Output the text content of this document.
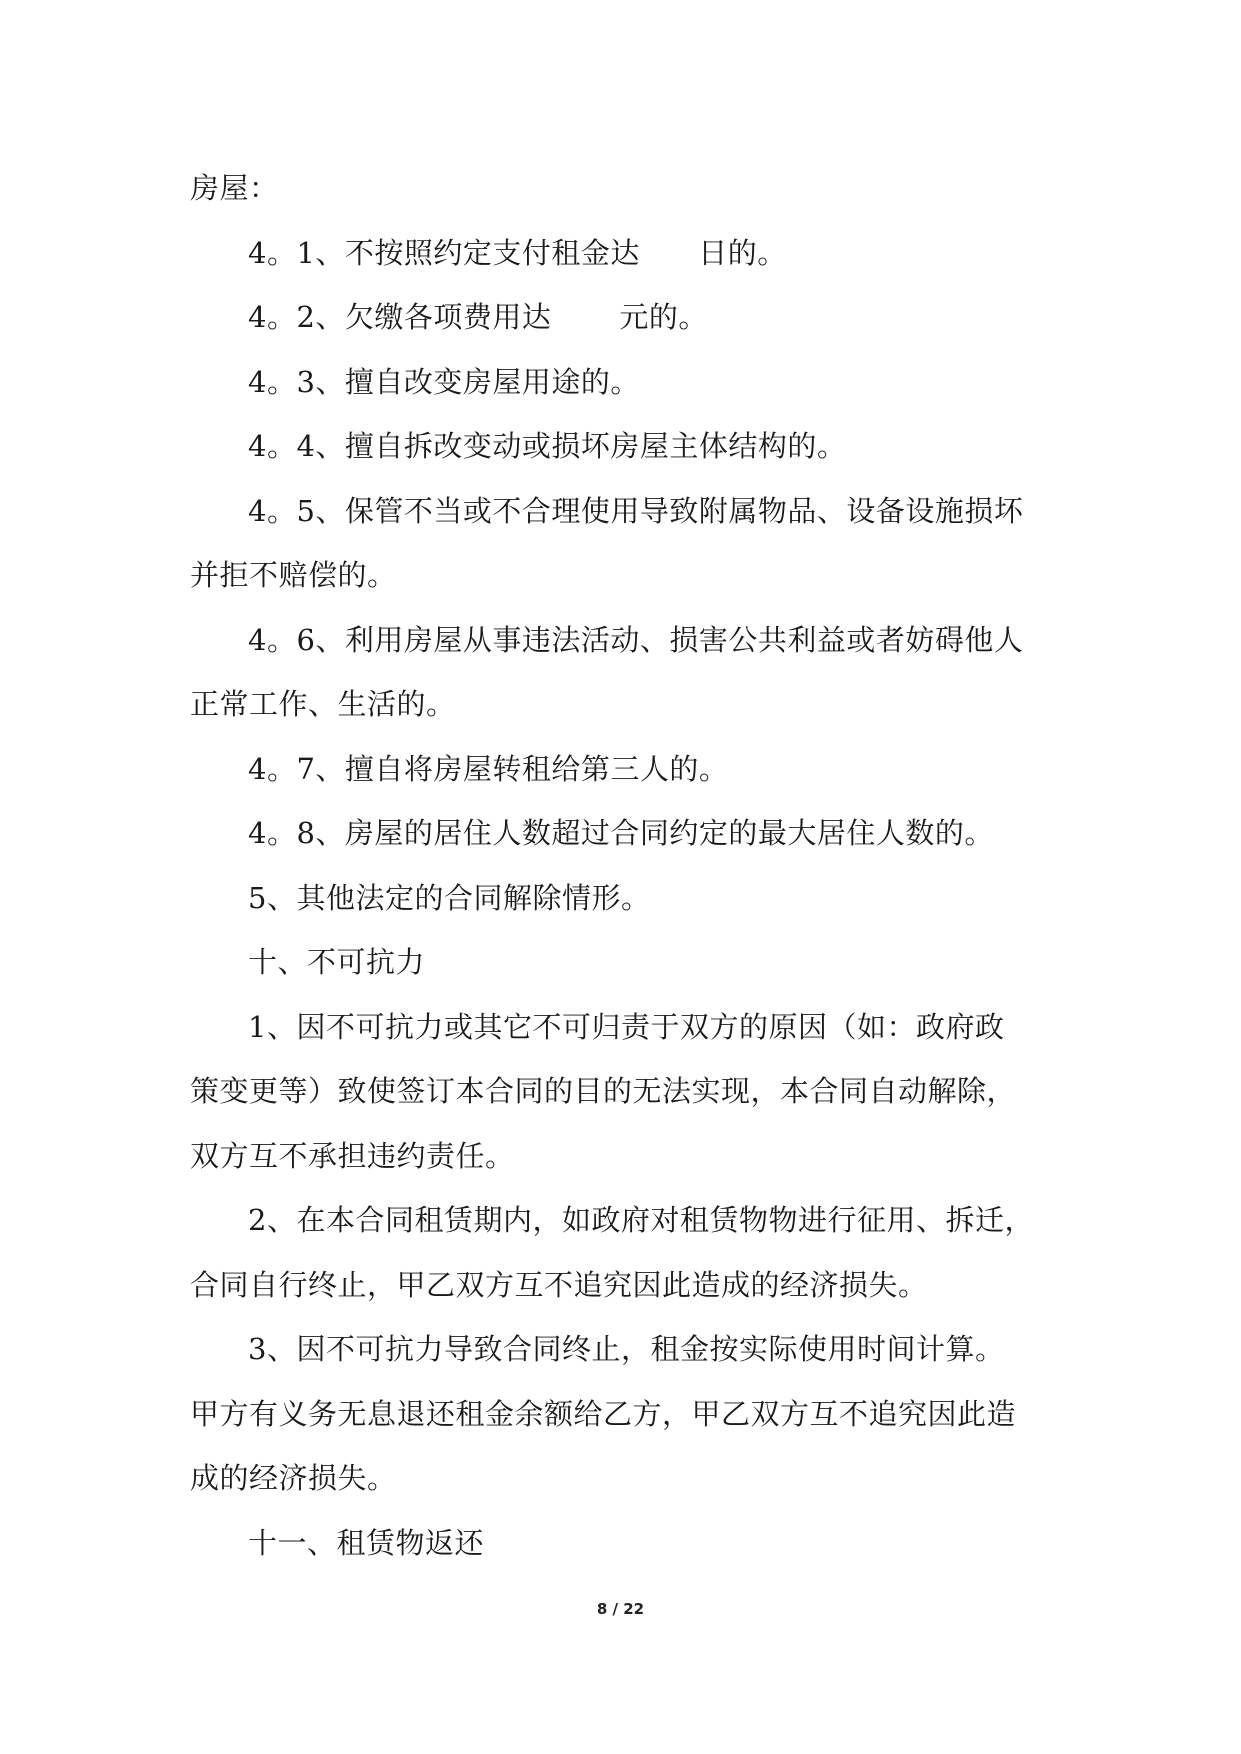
房屋：
4。1、不按照约定支付租金达      日的。
4。2、欠缴各项费用达       元的。
4。3、擅自改变房屋用途的。
4。4、擅自拆改变动或损坏房屋主体结构的。
4。5、保管不当或不合理使用导致附属物品、设备设施损坏
并拒不赔偿的。
4。6、利用房屋从事违法活动、损害公共利益或者妨碍他人
正常工作、生活的。
4。7、擅自将房屋转租给第三人的。
4。8、房屋的居住人数超过合同约定的最大居住人数的。
5、其他法定的合同解除情形。
十、不可抗力
1、因不可抗力或其它不可归责于双方的原因（如：政府政
策变更等）致使签订本合同的目的无法实现，本合同自动解除，
双方互不承担违约责任。
2、在本合同租赁期内，如政府对租赁物物进行征用、拆迁，
合同自行终止，甲乙双方互不追究因此造成的经济损失。
3、因不可抗力导致合同终止，租金按实际使用时间计算。
甲方有义务无息退还租金余额给乙方，甲乙双方互不追究因此造
成的经济损失。
十一、租赁物返还
8 / 22
